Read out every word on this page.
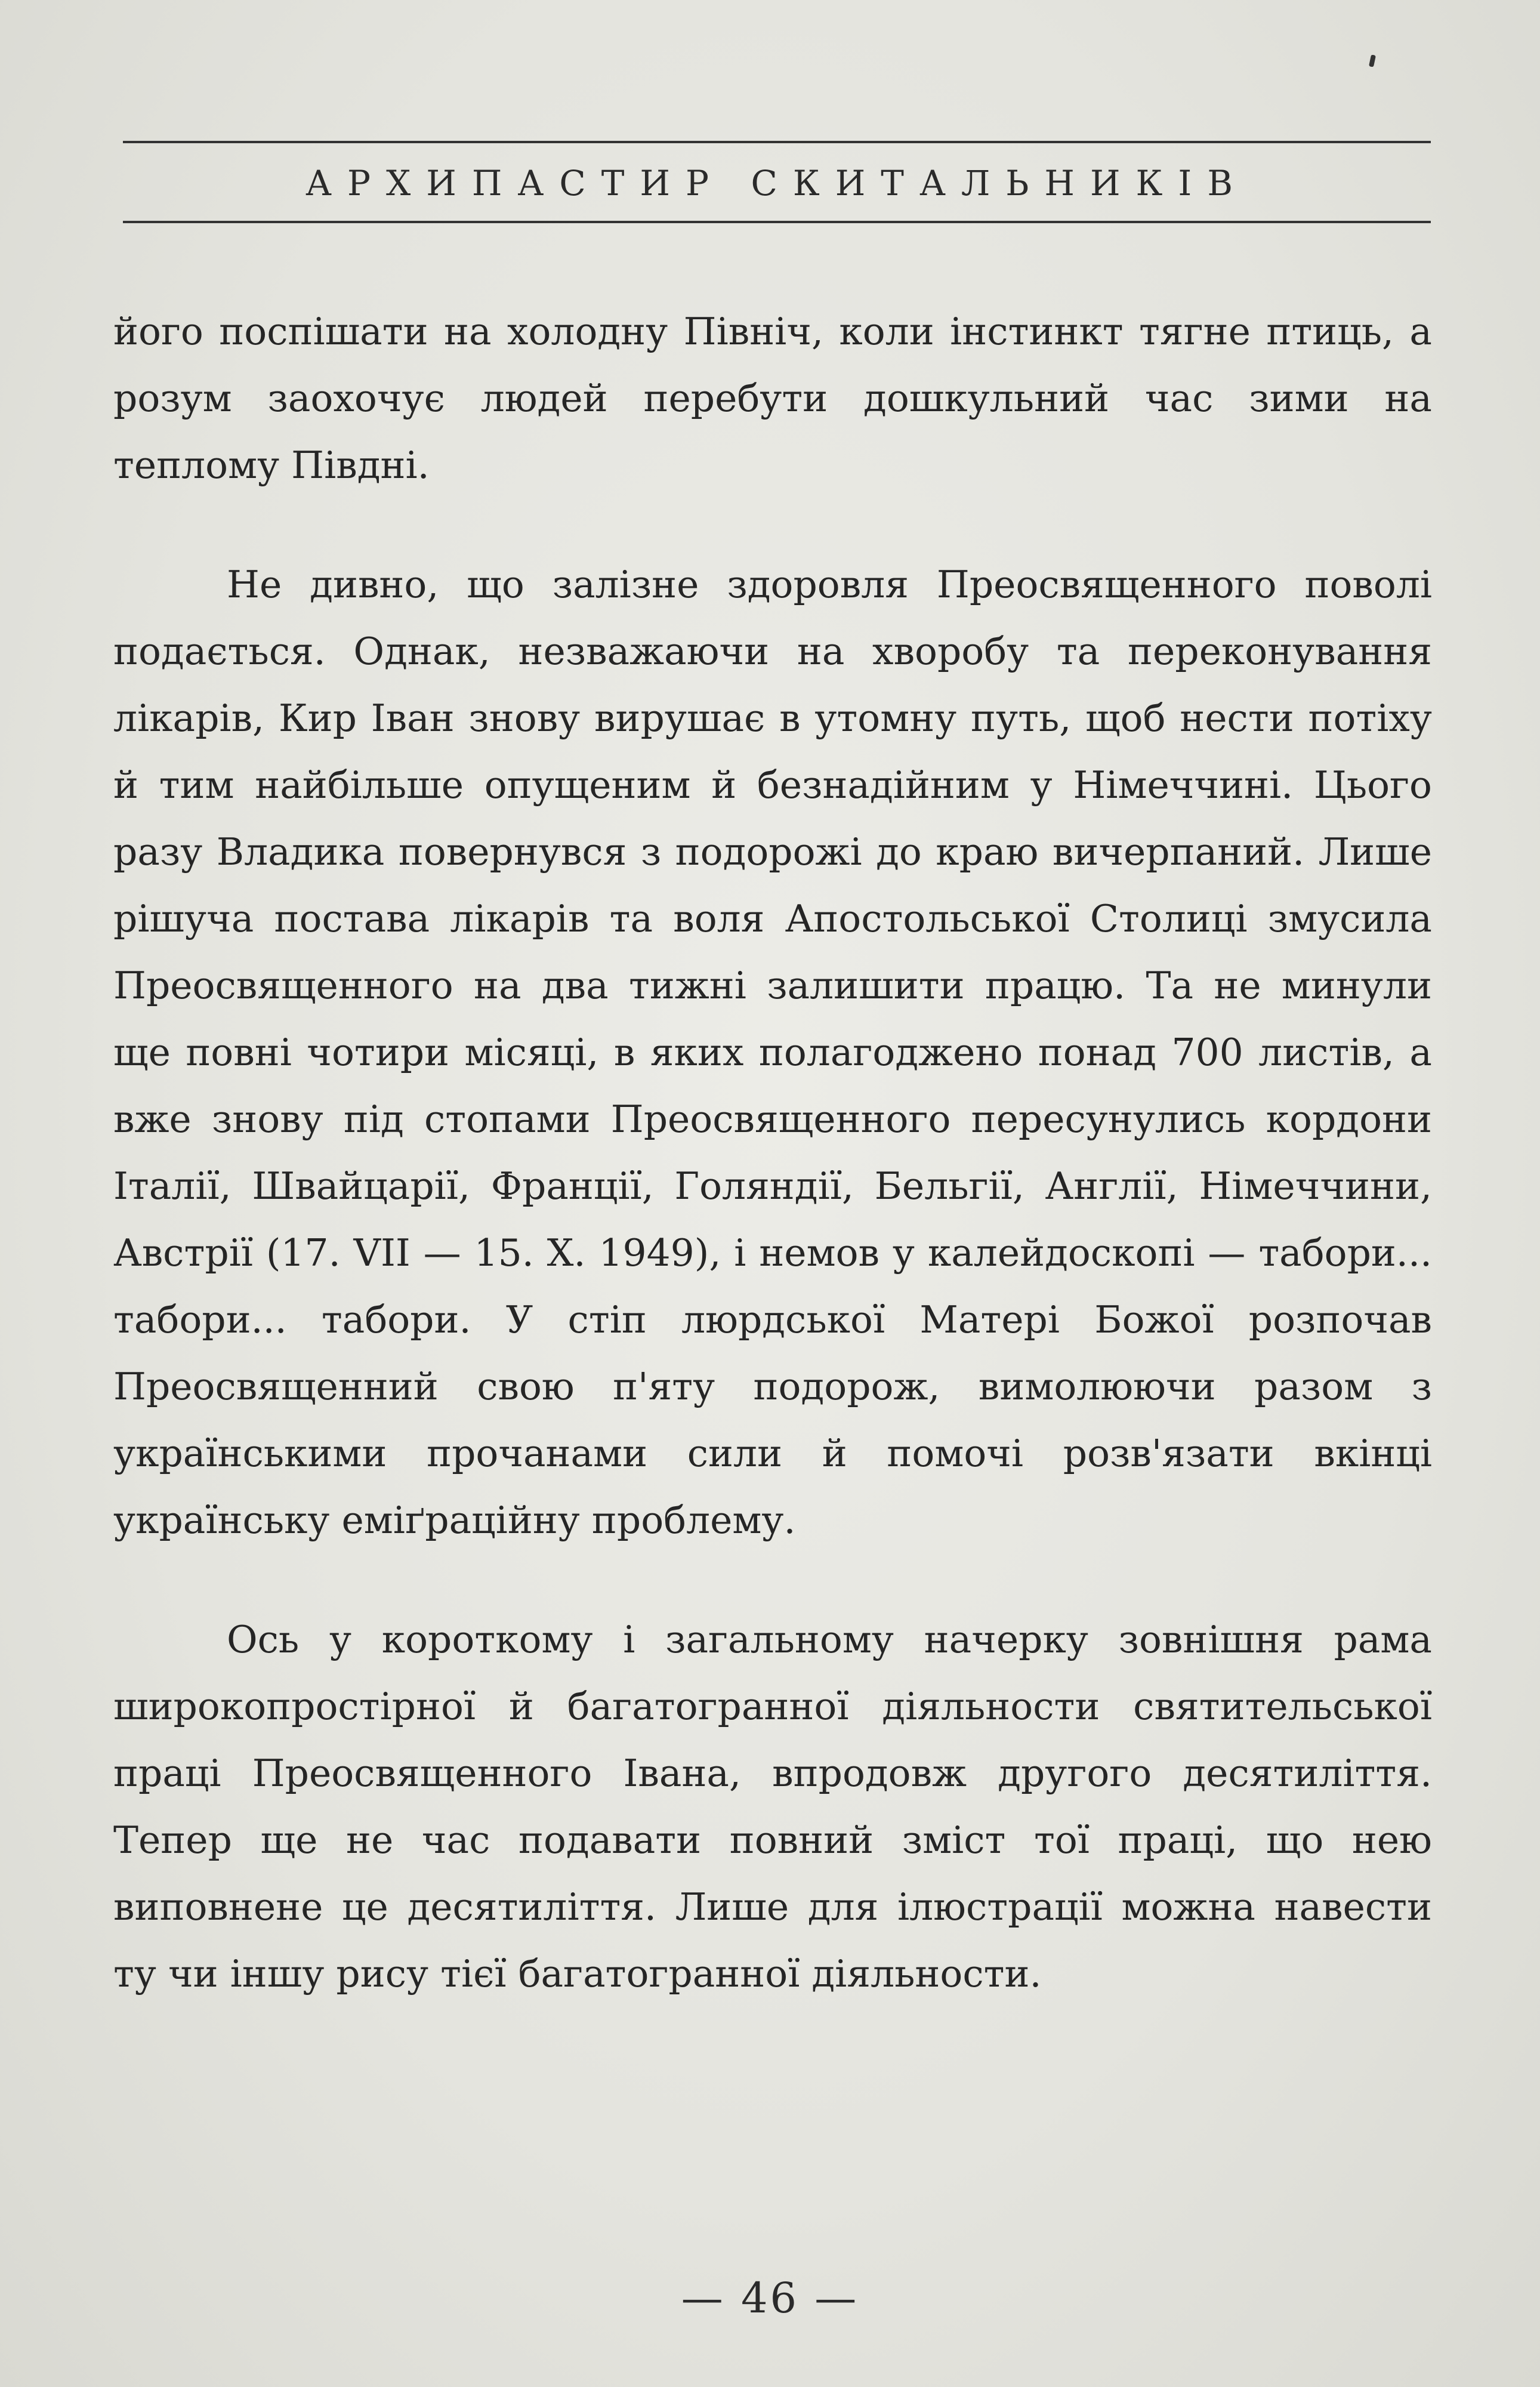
АРХИПАСТИР СКИТАЛЬНИКІВ

його поспішати на холодну Північ, коли інстинкт тягне птиць, а розум заохочує людей перебути дошкульний час зими на теплому Півдні.

Не дивно, що залізне здоровля Преосвященного поволі подається. Однак, незважаючи на хворобу та переконування лікарів, Кир Іван знову вирушає в утомну путь, щоб нести потіху й тим найбільше опущеним й безнадійним у Німеччині. Цього разу Владика повернувся з подорожі до краю вичерпаний. Лише рішуча постава лікарів та воля Апостольської Столиці змусила Преосвященного на два тижні залишити працю. Та не минули ще повні чотири місяці, в яких полагоджено понад 700 листів, а вже знову під стопами Преосвященного пересунулись кордони Італії, Швайцарії, Франції, Голяндії, Бельгії, Англії, Німеччини, Австрії (17. VII — 15. X. 1949), і немов у калейдоскопі — табори... табори... табори. У стіп люрдської Матері Божої розпочав Преосвященний свою п'яту подорож, вимолюючи разом з українськими прочанами сили й помочі розв'язати вкінці українську еміґраційну проблему.

Ось у короткому і загальному начерку зовнішня рама широкопростірної й багатогранної діяльности святительської праці Преосвященного Івана, впродовж другого десятиліття. Тепер ще не час подавати повний зміст тої праці, що нею виповнене це десятиліття. Лише для ілюстрації можна навести ту чи іншу рису тієї багатогранної діяльности.

— 46 —
